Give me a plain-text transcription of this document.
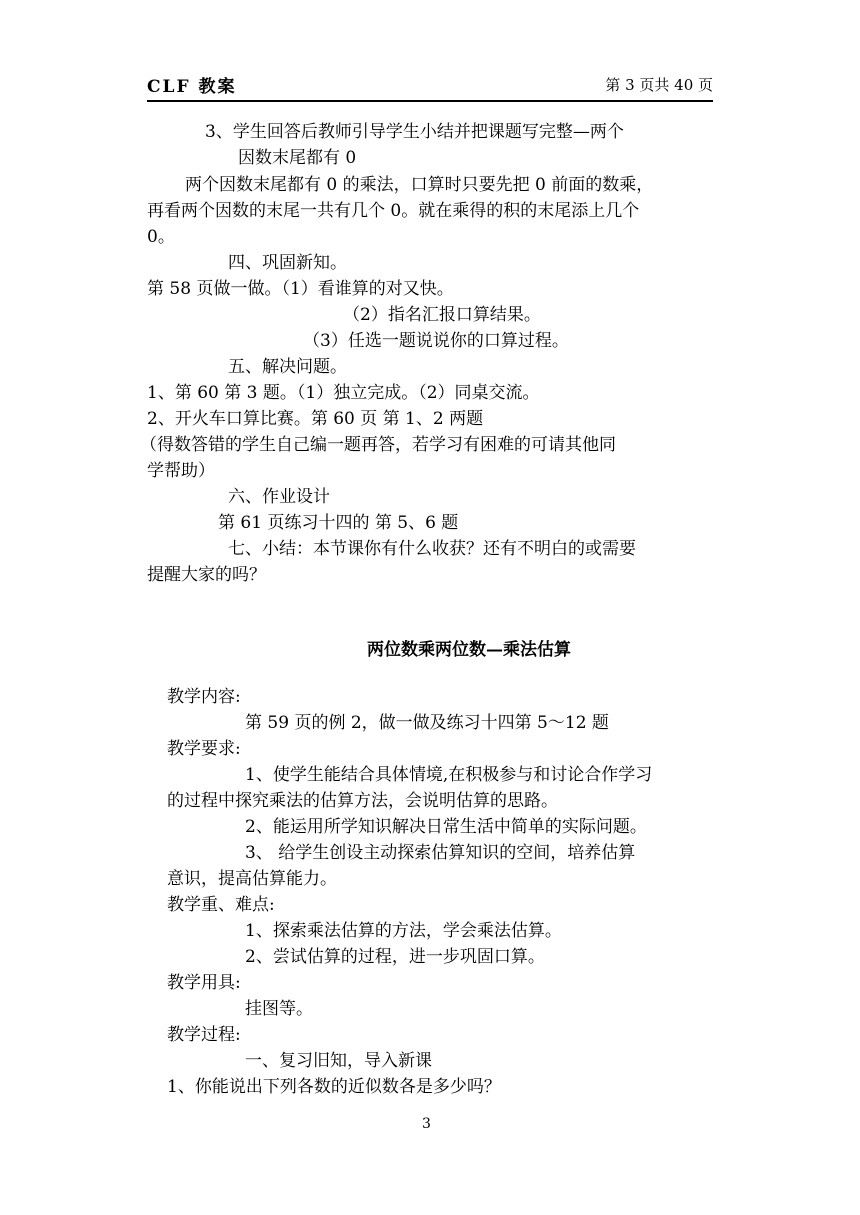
CLF 教案	第 3 页共 40 页
3、学生回答后教师引导学生小结并把课题写完整—两个
因数末尾都有 0
两个因数末尾都有 0 的乘法，口算时只要先把 0 前面的数乘，
再看两个因数的末尾一共有几个 0。就在乘得的积的末尾添上几个
0。
四、巩固新知。
第 58 页做一做。（1）看谁算的对又快。
（2）指名汇报口算结果。
（3）任选一题说说你的口算过程。
五、解决问题。
1、第 60 第 3 题。（1）独立完成。（2）同桌交流。
2、开火车口算比赛。第 60 页 第 1、2 两题
（得数答错的学生自己编一题再答，若学习有困难的可请其他同
学帮助）
六、作业设计
第 61 页练习十四的 第 5、6 题
七、小结：本节课你有什么收获？还有不明白的或需要
提醒大家的吗？
两位数乘两位数—乘法估算
教学内容:
第 59 页的例 2，做一做及练习十四第 5～12 题
教学要求:
1、使学生能结合具体情境,在积极参与和讨论合作学习
的过程中探究乘法的估算方法，会说明估算的思路。
2、能运用所学知识解决日常生活中简单的实际问题。
3、 给学生创设主动探索估算知识的空间，培养估算
意识，提高估算能力。
教学重、难点:
1、探索乘法估算的方法，学会乘法估算。
2、尝试估算的过程，进一步巩固口算。
教学用具:
挂图等。
教学过程:
一、复习旧知，导入新课
1、你能说出下列各数的近似数各是多少吗？
3
